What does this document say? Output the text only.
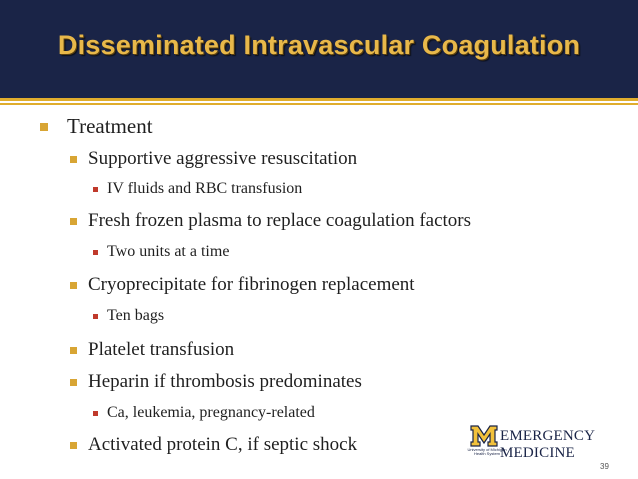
Disseminated Intravascular Coagulation
Treatment
Supportive aggressive resuscitation
IV fluids and RBC transfusion
Fresh frozen plasma to replace coagulation factors
Two units at a time
Cryoprecipitate for fibrinogen replacement
Ten bags
Platelet transfusion
Heparin if thrombosis predominates
Ca, leukemia, pregnancy-related
Activated protein C, if septic shock	University of Michigan Health System
EMERGENCY MEDICINE
39
